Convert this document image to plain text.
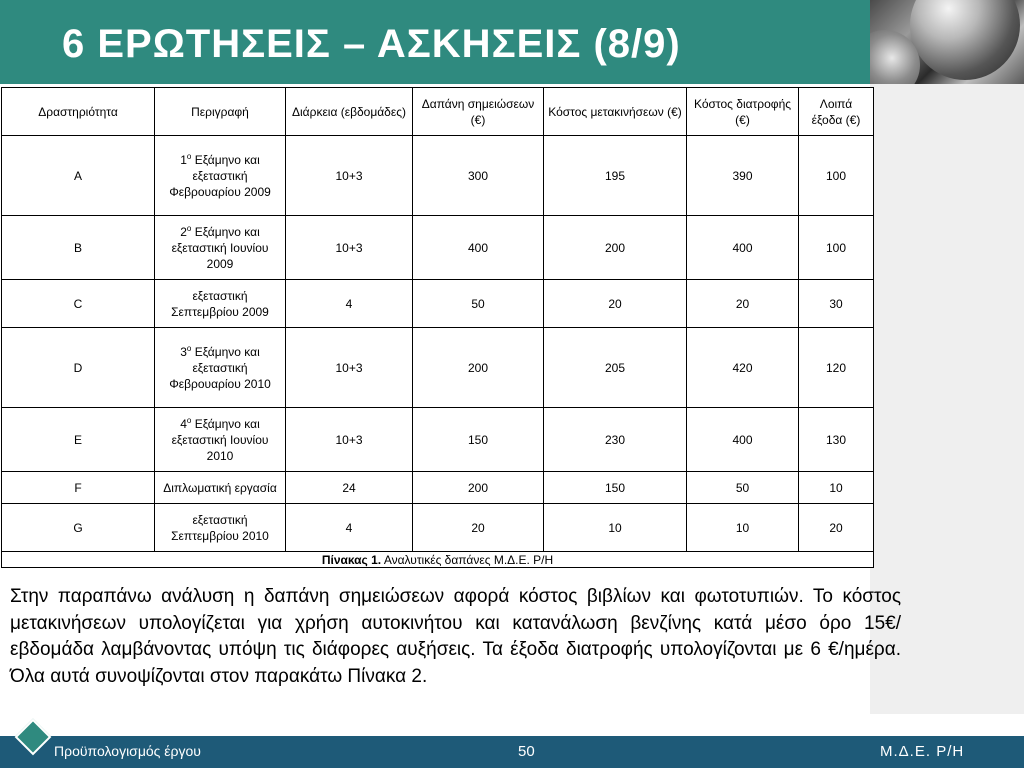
6 ΕΡΩΤΗΣΕΙΣ – ΑΣΚΗΣΕΙΣ (8/9)
Δραστηριότητα	Περιγραφή	Διάρκεια (εβδομάδες)	Δαπάνη σημειώσεων (€)	Κόστος μετακινήσεων (€)	Κόστος διατροφής (€)	Λοιπά έξοδα (€)
A	$1^o$ Εξάμηνο και εξεταστική Φεβρουαρίου 2009	10+3	300	195	390	100
B	$2^o$ Εξάμηνο και εξεταστική Ιουνίου 2009	10+3	400	200	400	100
C	εξεταστική Σεπτεμβρίου 2009	4	50	20	20	30
D	$3^o$ Εξάμηνο και εξεταστική Φεβρουαρίου 2010	10+3	200	205	420	120
E	$4^o$ Εξάμηνο και εξεταστική Ιουνίου 2010	10+3	150	230	400	130
F	Διπλωματική εργασία	24	200	150	50	10
G	εξεταστική Σεπτεμβρίου 2010	4	20	10	10	20
Πίνακας 1. Αναλυτικές δαπάνες Μ.Δ.Ε. Ρ/Η						
Στην παραπάνω ανάλυση η δαπάνη σημειώσεων αφορά κόστος βιβλίων και φωτοτυπιών. Το κόστος μετακινήσεων υπολογίζεται για χρήση αυτοκινήτου και κατανάλωση βενζίνης κατά μέσο όρο 15€/εβδομάδα λαμβάνοντας υπόψη τις διάφορες αυξήσεις. Τα έξοδα διατροφής υπολογίζονται με 6 €/ημέρα. Όλα αυτά συνοψίζονται στον παρακάτω Πίνακα 2.
Προϋπολογισμός έργου	50	Μ.Δ.Ε. Ρ/Η
